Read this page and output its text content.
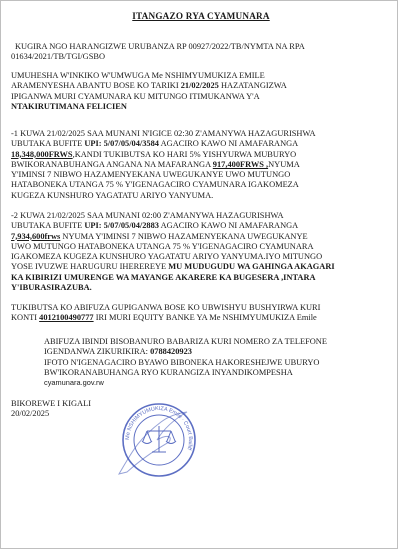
ITANGAZO RYA CYAMUNARA
KUGIRA NGO HARANGIZWE URUBANZA RP 00927/2022/TB/NYMTA NA RPA
01634/2021/TB/TGI/GSBO
UMUHESHA W'INKIKO W'UMWUGA Me NSHIMYUMUKIZA EMILE
ARAMENYESHA ABANTU BOSE KO TARIKI 21/02/2025 HAZATANGIZWA
IPIGANWA MURI CYAMUNARA KU MITUNGO ITIMUKANWA Y'A
NTAKIRUTIMANA FELICIEN
-1 KUWA 21/02/2025 SAA MUNANI N'IGICE 02:30 Z'AMANYWA HAZAGURISHWA
UBUTAKA BUFITE UPI: 5/07/05/04/3584 AGACIRO KAWO NI AMAFARANGA
18,348,000FRWS,KANDI TUKIBUTSA KO HARI 5% YISHYURWA MUBURYO
BWIKORANABUHANGA ANGANA NA MAFARANGA 917,400FRWS ,NYUMA
Y'IMINSI 7 NIBWO HAZAMENYEKANA UWEGUKANYE UWO MUTUNGO
HATABONEKA UTANGA 75 % Y'IGENAGACIRO CYAMUNARA IGAKOMEZA
KUGEZA KUNSHURO YAGATATU ARIYO YANYUMA.
-2 KUWA 21/02/2025 SAA MUNANI 02:00 Z'AMANYWA HAZAGURISHWA
UBUTAKA BUFITE UPI: 5/07/05/04/2883 AGACIRO KAWO NI AMAFARANGA
7,934,600frws NYUMA Y'IMINSI 7 NIBWO HAZAMENYEKANA UWEGUKANYE
UWO MUTUNGO HATABONEKA UTANGA 75 % Y'IGENAGACIRO CYAMUNARA
IGAKOMEZA KUGEZA KUNSHURO YAGATATU ARIYO YANYUMA.IYO MITUNGO
YOSE IVUZWE HARUGURU IHEREREYE MU MUDUGUDU WA GAHINGA AKAGARI
KA KIBIRIZI UMURENGE WA MAYANGE AKARERE KA BUGESERA ,INTARA
Y'IBURASIRAZUBA.
TUKIBUTSA KO ABIFUZA GUPIGANWA BOSE KO UBWISHYU BUSHYIRWA KURI
KONTI 4012100490777 IRI MURI EQUITY BANKE YA Me NSHIMYUMUKIZA Emile
ABIFUZA IBINDI BISOBANURO BABARIZA KURI NOMERO ZA TELEFONE
IGENDANWA ZIKURIKIRA: 0788420923
IFOTO N'IGENAGACIRO BYAWO BIBONEKA HAKORESHEJWE UBURYO
BW'IKORANABUHANGA RYO KURANGIZA INYANDIKOMPESHA
cyamunara.gov.rw
BIKOREWE I KIGALI
20/02/2025
Me NSHIMYUMUKIZA Emile · Court Bailiff
